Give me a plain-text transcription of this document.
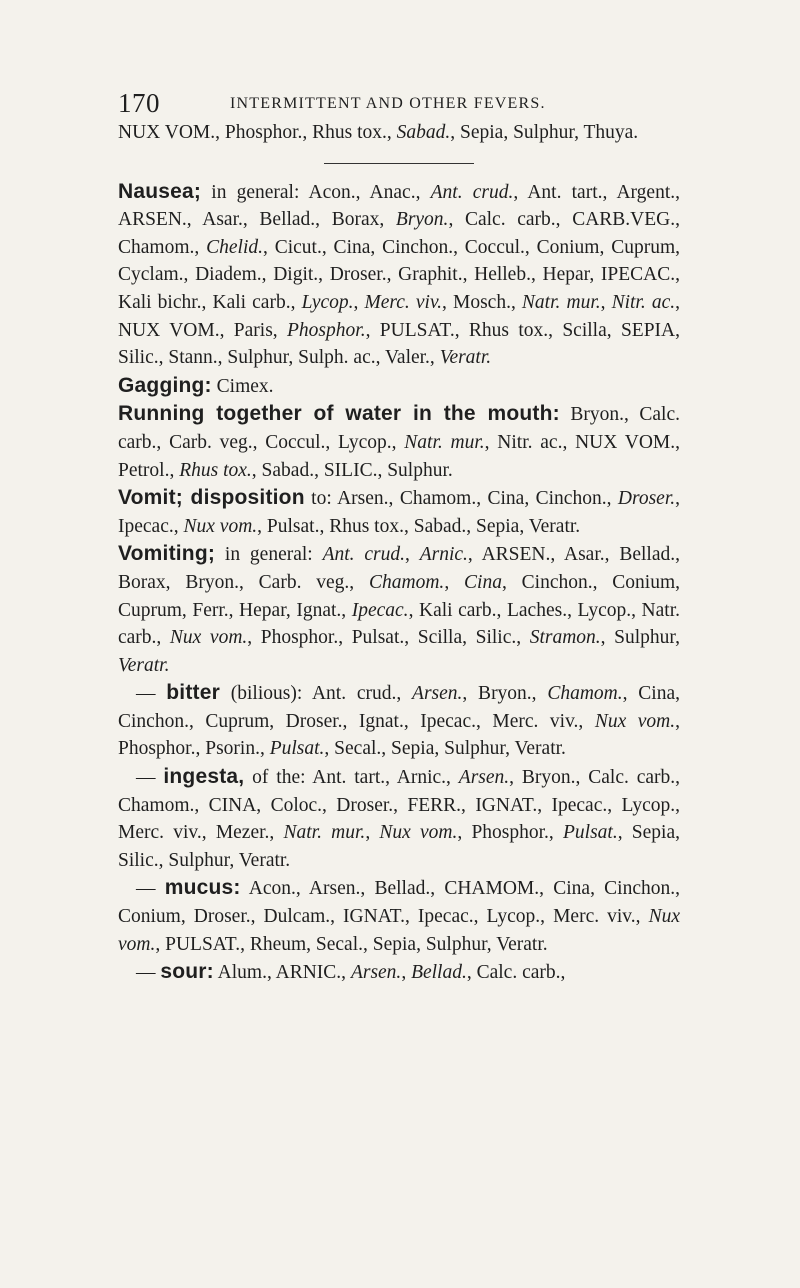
170	INTERMITTENT AND OTHER FEVERS.

NUX VOM., Phosphor., Rhus tox., Sabad., Sepia, Sulphur, Thuya.

Nausea; in general: Acon., Anac., Ant. crud., Ant. tart., Argent., ARSEN., Asar., Bellad., Borax, Bryon., Calc. carb., CARB.VEG., Chamom., Chelid., Cicut., Cina, Cinchon., Coccul., Conium, Cuprum, Cyclam., Diadem., Digit., Droser., Graphit., Helleb., Hepar, IPECAC., Kali bichr., Kali carb., Lycop., Merc. viv., Mosch., Natr. mur., Nitr. ac., NUX VOM., Paris, Phosphor., PULSAT., Rhus tox., Scilla, SEPIA, Silic., Stann., Sulphur, Sulph. ac., Valer., Veratr.

Gagging: Cimex.

Running together of water in the mouth: Bryon., Calc. carb., Carb. veg., Coccul., Lycop., Natr. mur., Nitr. ac., NUX VOM., Petrol., Rhus tox., Sabad., SILIC., Sulphur.

Vomit; disposition to: Arsen., Chamom., Cina, Cinchon., Droser., Ipecac., Nux vom., Pulsat., Rhus tox., Sabad., Sepia, Veratr.

Vomiting; in general: Ant. crud., Arnic., ARSEN., Asar., Bellad., Borax, Bryon., Carb. veg., Chamom., Cina, Cinchon., Conium, Cuprum, Ferr., Hepar, Ignat., Ipecac., Kali carb., Laches., Lycop., Natr. carb., Nux vom., Phosphor., Pulsat., Scilla, Silic., Stramon., Sulphur, Veratr.

— bitter (bilious): Ant. crud., Arsen., Bryon., Chamom., Cina, Cinchon., Cuprum, Droser., Ignat., Ipecac., Merc. viv., Nux vom., Phosphor., Psorin., Pulsat., Secal., Sepia, Sulphur, Veratr.

— ingesta, of the: Ant. tart., Arnic., Arsen., Bryon., Calc. carb., Chamom., CINA, Coloc., Droser., FERR., IGNAT., Ipecac., Lycop., Merc. viv., Mezer., Natr. mur., Nux vom., Phosphor., Pulsat., Sepia, Silic., Sulphur, Veratr.

— mucus: Acon., Arsen., Bellad., CHAMOM., Cina, Cinchon., Conium, Droser., Dulcam., IGNAT., Ipecac., Lycop., Merc. viv., Nux vom., PULSAT., Rheum, Secal., Sepia, Sulphur, Veratr.

— sour: Alum., ARNIC., Arsen., Bellad., Calc. carb.,
